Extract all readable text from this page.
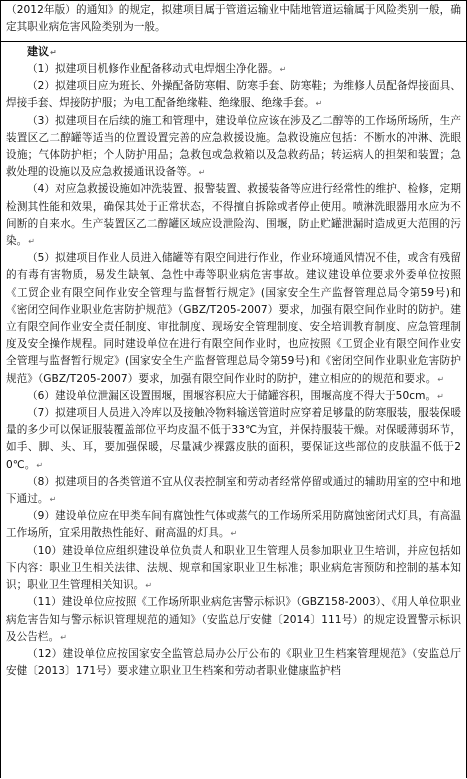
（2012年版）的通知》的规定，拟建项目属于管道运输业中陆地管道运输属于风险类别一般，确定其职业病危害风险类别为一般。

建议↵

（1）拟建项目机修作业配备移动式电焊烟尘净化器。↵

（2）拟建项目应为班长、外操配备防寒帽、防寒手套、防寒鞋；为维修人员配备焊接面具、焊接手套、焊接防护服；为电工配备绝缘鞋、绝缘服、绝缘手套。↵

（3）拟建项目在后续的施工和管理中，建设单位应该在涉及乙二醇等的工作场所场所，生产装置区乙二醇罐等适当的位置设置完善的应急救援设施。急救设施应包括：不断水的冲淋、洗眼设施；气体防护柜；个人防护用品；急救包或急救箱以及急救药品；转运病人的担架和装置；急救处理的设施以及应急救援通讯设备等。↵

（4）对应急救援设施如冲洗装置、报警装置、救援装备等应进行经常性的维护、检修，定期检测其性能和效果，确保其处于正常状态，不得擅自拆除或者停止使用。喷淋洗眼器用水应为不间断的自来水。生产装置区乙二醇罐区域应设泄险沟、围堰，防止贮罐泄漏时造成更大范围的污染。↵

（5）拟建项目作业人员进入储罐等有限空间进行作业，作业环境通风情况不佳，或含有残留的有毒有害物质，易发生缺氧、急性中毒等职业病危害事故。建议建设单位要求外委单位按照《工贸企业有限空间作业安全管理与监督暂行规定》(国家安全生产监督管理总局令第59号)和《密闭空间作业职业危害防护规范》（GBZ/T205-2007）要求，加强有限空间作业时的防护。建立有限空间作业安全责任制度、审批制度、现场安全管理制度、安全培训教育制度、应急管理制度及安全操作规程。同时建设单位在进行有限空间作业时，也应按照《工贸企业有限空间作业安全管理与监督暂行规定》(国家安全生产监督管理总局令第59号)和《密闭空间作业职业危害防护规范》（GBZ/T205-2007）要求，加强有限空间作业时的防护，建立相应的的规范和要求。↵

（6）建设单位泄漏区设置围堰，围堰容积应大于储罐容积，围堰高度不得大于50cm。↵

（7）拟建项目人员进入冷库以及接触冷物料输送管道时应穿着足够量的防寒服装，服装保暖量的多少可以保证服装覆盖部位平均皮温不低于33℃为宜，并保持服装干燥。对保暖薄弱环节，如手、脚、头、耳，要加强保暖，尽量减少裸露皮肤的面积，要保证这些部位的皮肤温不低于20℃。↵

（8）拟建项目的各类管道不宜从仪表控制室和劳动者经常停留或通过的辅助用室的空中和地下通过。↵

（9）建设单位应在甲类车间有腐蚀性气体或蒸气的工作场所采用防腐蚀密闭式灯具，有高温工作场所，宜采用散热性能好、耐高温的灯具。↵

（10）建设单位应组织建设单位负责人和职业卫生管理人员参加职业卫生培训，并应包括如下内容：职业卫生相关法律、法规、规章和国家职业卫生标准；职业病危害预防和控制的基本知识；职业卫生管理相关知识。↵

（11）建设单位应按照《工作场所职业病危害警示标识》（GBZ158-2003）、《用人单位职业病危害告知与警示标识管理规范的通知》（安监总厅安健〔2014〕111号）的规定设置警示标识及公告栏。↵

（12）建设单位应按国家安全监管总局办公厅公布的《职业卫生档案管理规范》（安监总厅安健〔2013〕171号）要求建立职业卫生档案和劳动者职业健康监护档
